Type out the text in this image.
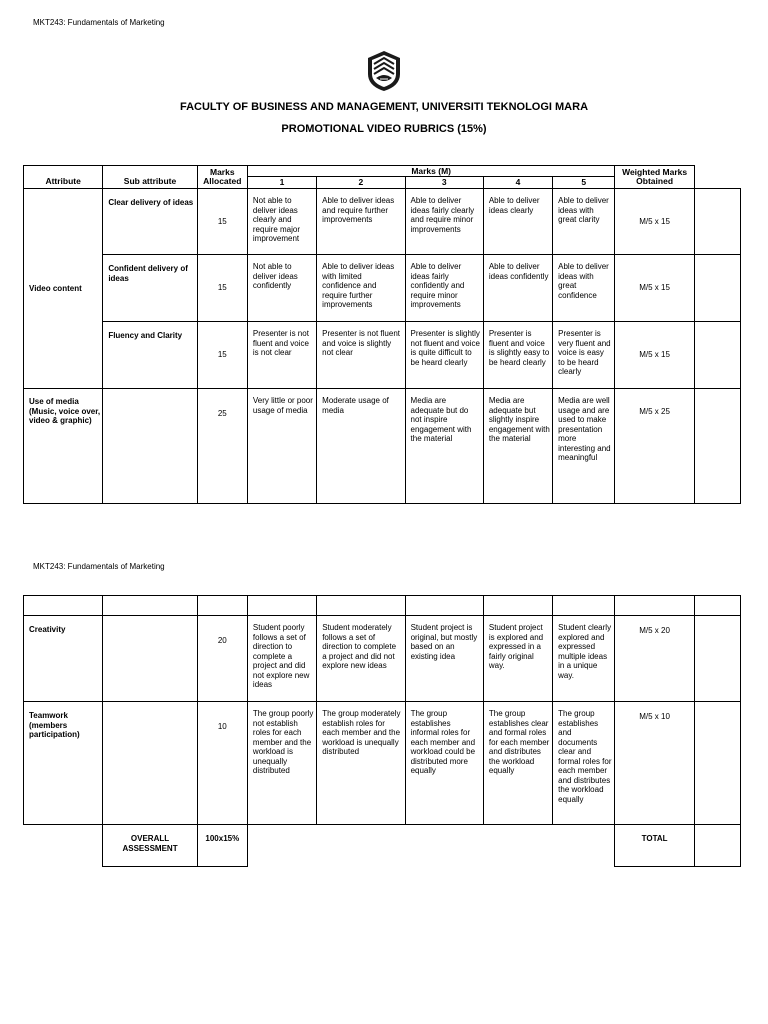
MKT243: Fundamentals of Marketing
FACULTY OF BUSINESS AND MANAGEMENT, UNIVERSITI TEKNOLOGI MARA
PROMOTIONAL VIDEO RUBRICS (15%)
Attribute	Sub attribute	Marks Allocated	Marks (M)					Weighted Marks Obtained	
			1	2	3	4	5		
Video content	Clear delivery of ideas	15	Not able to deliver ideas clearly and require major improvement	Able to deliver ideas and require further improvements	Able to deliver ideas fairly clearly and require minor improvements	Able to deliver ideas clearly	Able to deliver ideas with great clarity	M/5 x 15	
	Confident delivery of ideas	15	Not able to deliver ideas confidently	Able to deliver ideas with limited confidence and require further improvements	Able to deliver ideas fairly confidently and require minor improvements	Able to deliver ideas confidently	Able to deliver ideas with great confidence	M/5 x 15	
	Fluency and Clarity	15	Presenter is not fluent and voice is not clear	Presenter is not fluent and voice is slightly not clear	Presenter is slightly not fluent and voice is quite difficult to be heard clearly	Presenter is fluent and voice is slightly easy to be heard clearly	Presenter is very fluent and voice is easy to be heard clearly	M/5 x 15	
Use of media (Music, voice over, video & graphic)		25	Very little or poor usage of media	Moderate usage of media	Media are adequate but do not inspire engagement with the material	Media are adequate but slightly inspire engagement with the material	Media are well usage and are used to make presentation more interesting and meaningful	M/5 x 25	
MKT243: Fundamentals of Marketing

Creativity		20	Student poorly follows a set of direction to complete a project and did not explore new ideas	Student moderately follows a set of direction to complete a project and did not explore new ideas	Student project is original, but mostly based on an existing idea	Student project is explored and expressed in a fairly original way.	Student clearly explored and expressed multiple ideas in a unique way.	M/5 x 20	
Teamwork (members participation)		10	The group poorly not establish roles for each member and the workload is unequally distributed	The group moderately establish roles for each member and the workload is unequally distributed	The group establishes informal roles for each member and workload could be distributed more equally	The group establishes clear and formal roles for each member and distributes the workload equally	The group establishes and documents clear and formal roles for each member and distributes the workload equally	M/5 x 10	
	OVERALL ASSESSMENT	100x15%						TOTAL	
